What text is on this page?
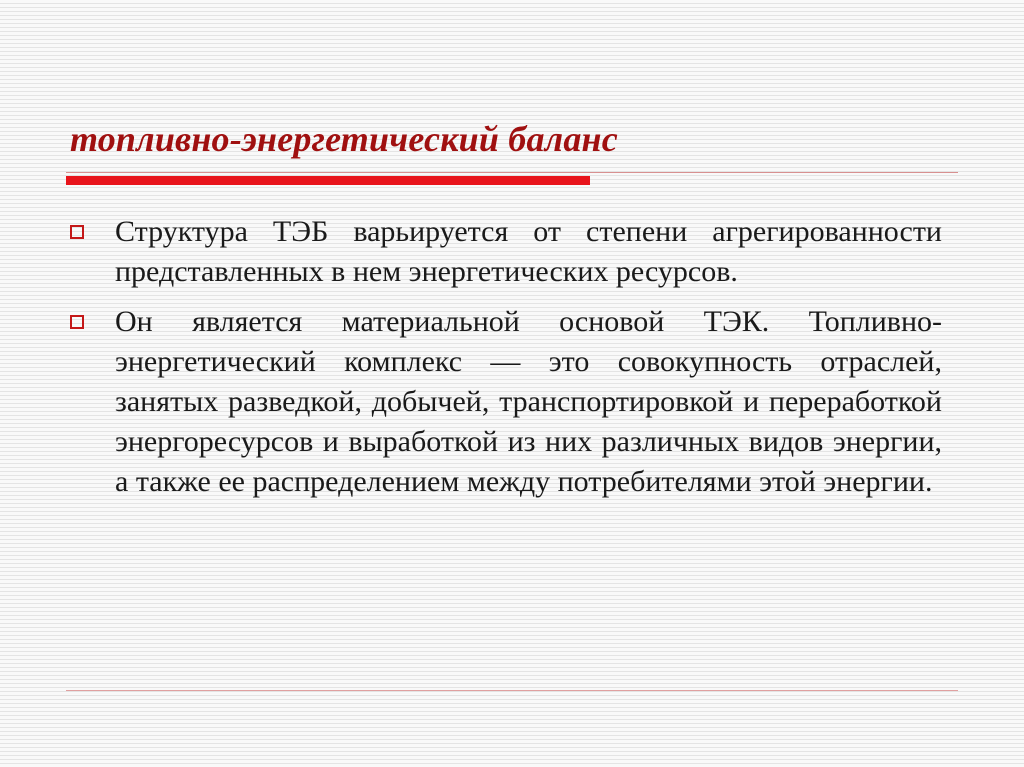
топливно-энергетический баланс
Структура ТЭБ варьируется от степени агрегированности представленных в нем энергетических ресурсов.
Он является материальной основой ТЭК. Топливно-энергетический комплекс — это совокупность отраслей, занятых разведкой, добычей, транспортировкой и переработкой энергоресурсов и выработкой из них различных видов энергии, а также ее распределением между потребителями этой энергии.
